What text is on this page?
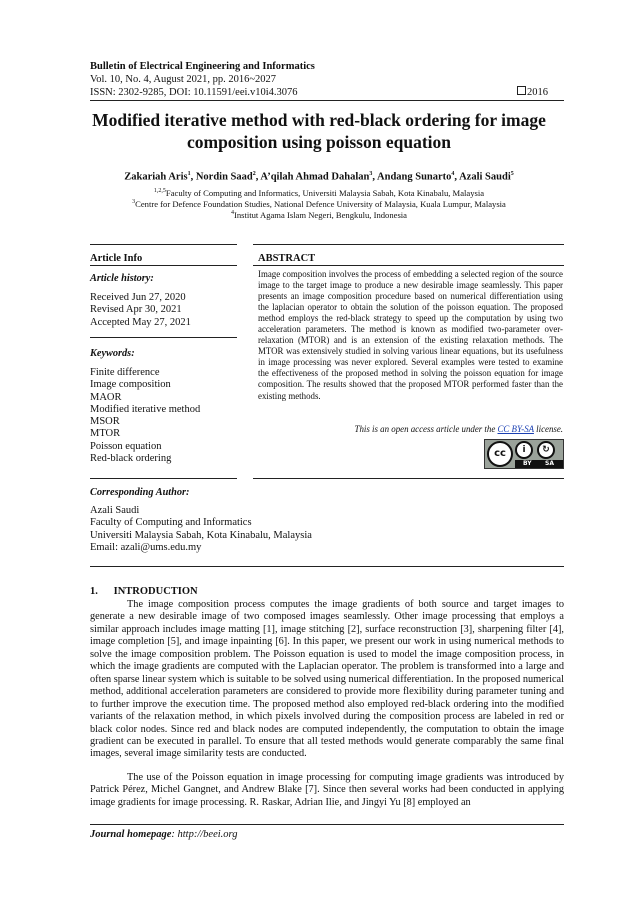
Bulletin of Electrical Engineering and Informatics
Vol. 10, No. 4, August 2021, pp. 2016~2027
ISSN: 2302-9285, DOI: 10.11591/eei.v10i4.3076	2016
Modified iterative method with red-black ordering for image
composition using poisson equation
Zakariah Aris$^1$, Nordin Saad$^2$, A’qilah Ahmad Dahalan$^3$, Andang Sunarto$^4$, Azali Saudi$^5$
$^{1,2,5}$Faculty of Computing and Informatics, Universiti Malaysia Sabah, Kota Kinabalu, Malaysia
$^3$Centre for Defence Foundation Studies, National Defence University of Malaysia, Kuala Lumpur, Malaysia
$^4$Institut Agama Islam Negeri, Bengkulu, Indonesia
Article Info	ABSTRACT
Article history:
Received Jun 27, 2020
Revised Apr 30, 2021
Accepted May 27, 2021
Keywords:
Finite difference
Image composition
MAOR
Modified iterative method
MSOR
MTOR
Poisson equation
Red-black ordering
Image composition involves the process of embedding a selected region of the source image to the target image to produce a new desirable image seamlessly. This paper presents an image composition procedure based on numerical differentiation using the laplacian operator to obtain the solution of the poisson equation. The proposed method employs the red-black strategy to speed up the computation by using two acceleration parameters. The method is known as modified two-parameter over-relaxation (MTOR) and is an extension of the existing relaxation methods. The MTOR was extensively studied in solving various linear equations, but its usefulness in image processing was never explored. Several examples were tested to examine the effectiveness of the proposed method in solving the poisson equation for image composition. The results showed that the proposed MTOR performed faster than the existing methods.
This is an open access article under the CC BY-SA license.
cc	i	↻
BY SA
Corresponding Author:
Azali Saudi
Faculty of Computing and Informatics
Universiti Malaysia Sabah, Kota Kinabalu, Malaysia
Email: azali@ums.edu.my
1.      INTRODUCTION
The image composition process computes the image gradients of both source and target images to generate a new desirable image of two composed images seamlessly. Other image processing that employs a similar approach includes image matting [1], image stitching [2], surface reconstruction [3], sharpening filter [4], image completion [5], and image inpainting [6]. In this paper, we present our work in using numerical methods to solve the image composition problem. The Poisson equation is used to model the image composition process, in which the image gradients are computed with the Laplacian operator. The problem is transformed into a large and often sparse linear system which is suitable to be solved using numerical differentiation. In the proposed numerical method, additional acceleration parameters are considered to provide more flexibility during parameter tuning and to further improve the execution time. The proposed method also employed red-black ordering into the modified variants of the relaxation method, in which pixels involved during the composition process are labeled in red or black color nodes. Since red and black nodes are computed independently, the computation to obtain the image gradient can be executed in parallel. To ensure that all tested methods would generate comparably the same final images, several image similarity tests are conducted.
The use of the Poisson equation in image processing for computing image gradients was introduced by Patrick Pérez, Michel Gangnet, and Andrew Blake [7]. Since then several works had been conducted in applying image gradients for image processing. R. Raskar, Adrian Ilie, and Jingyi Yu [8] employed an
Journal homepage: http://beei.org
